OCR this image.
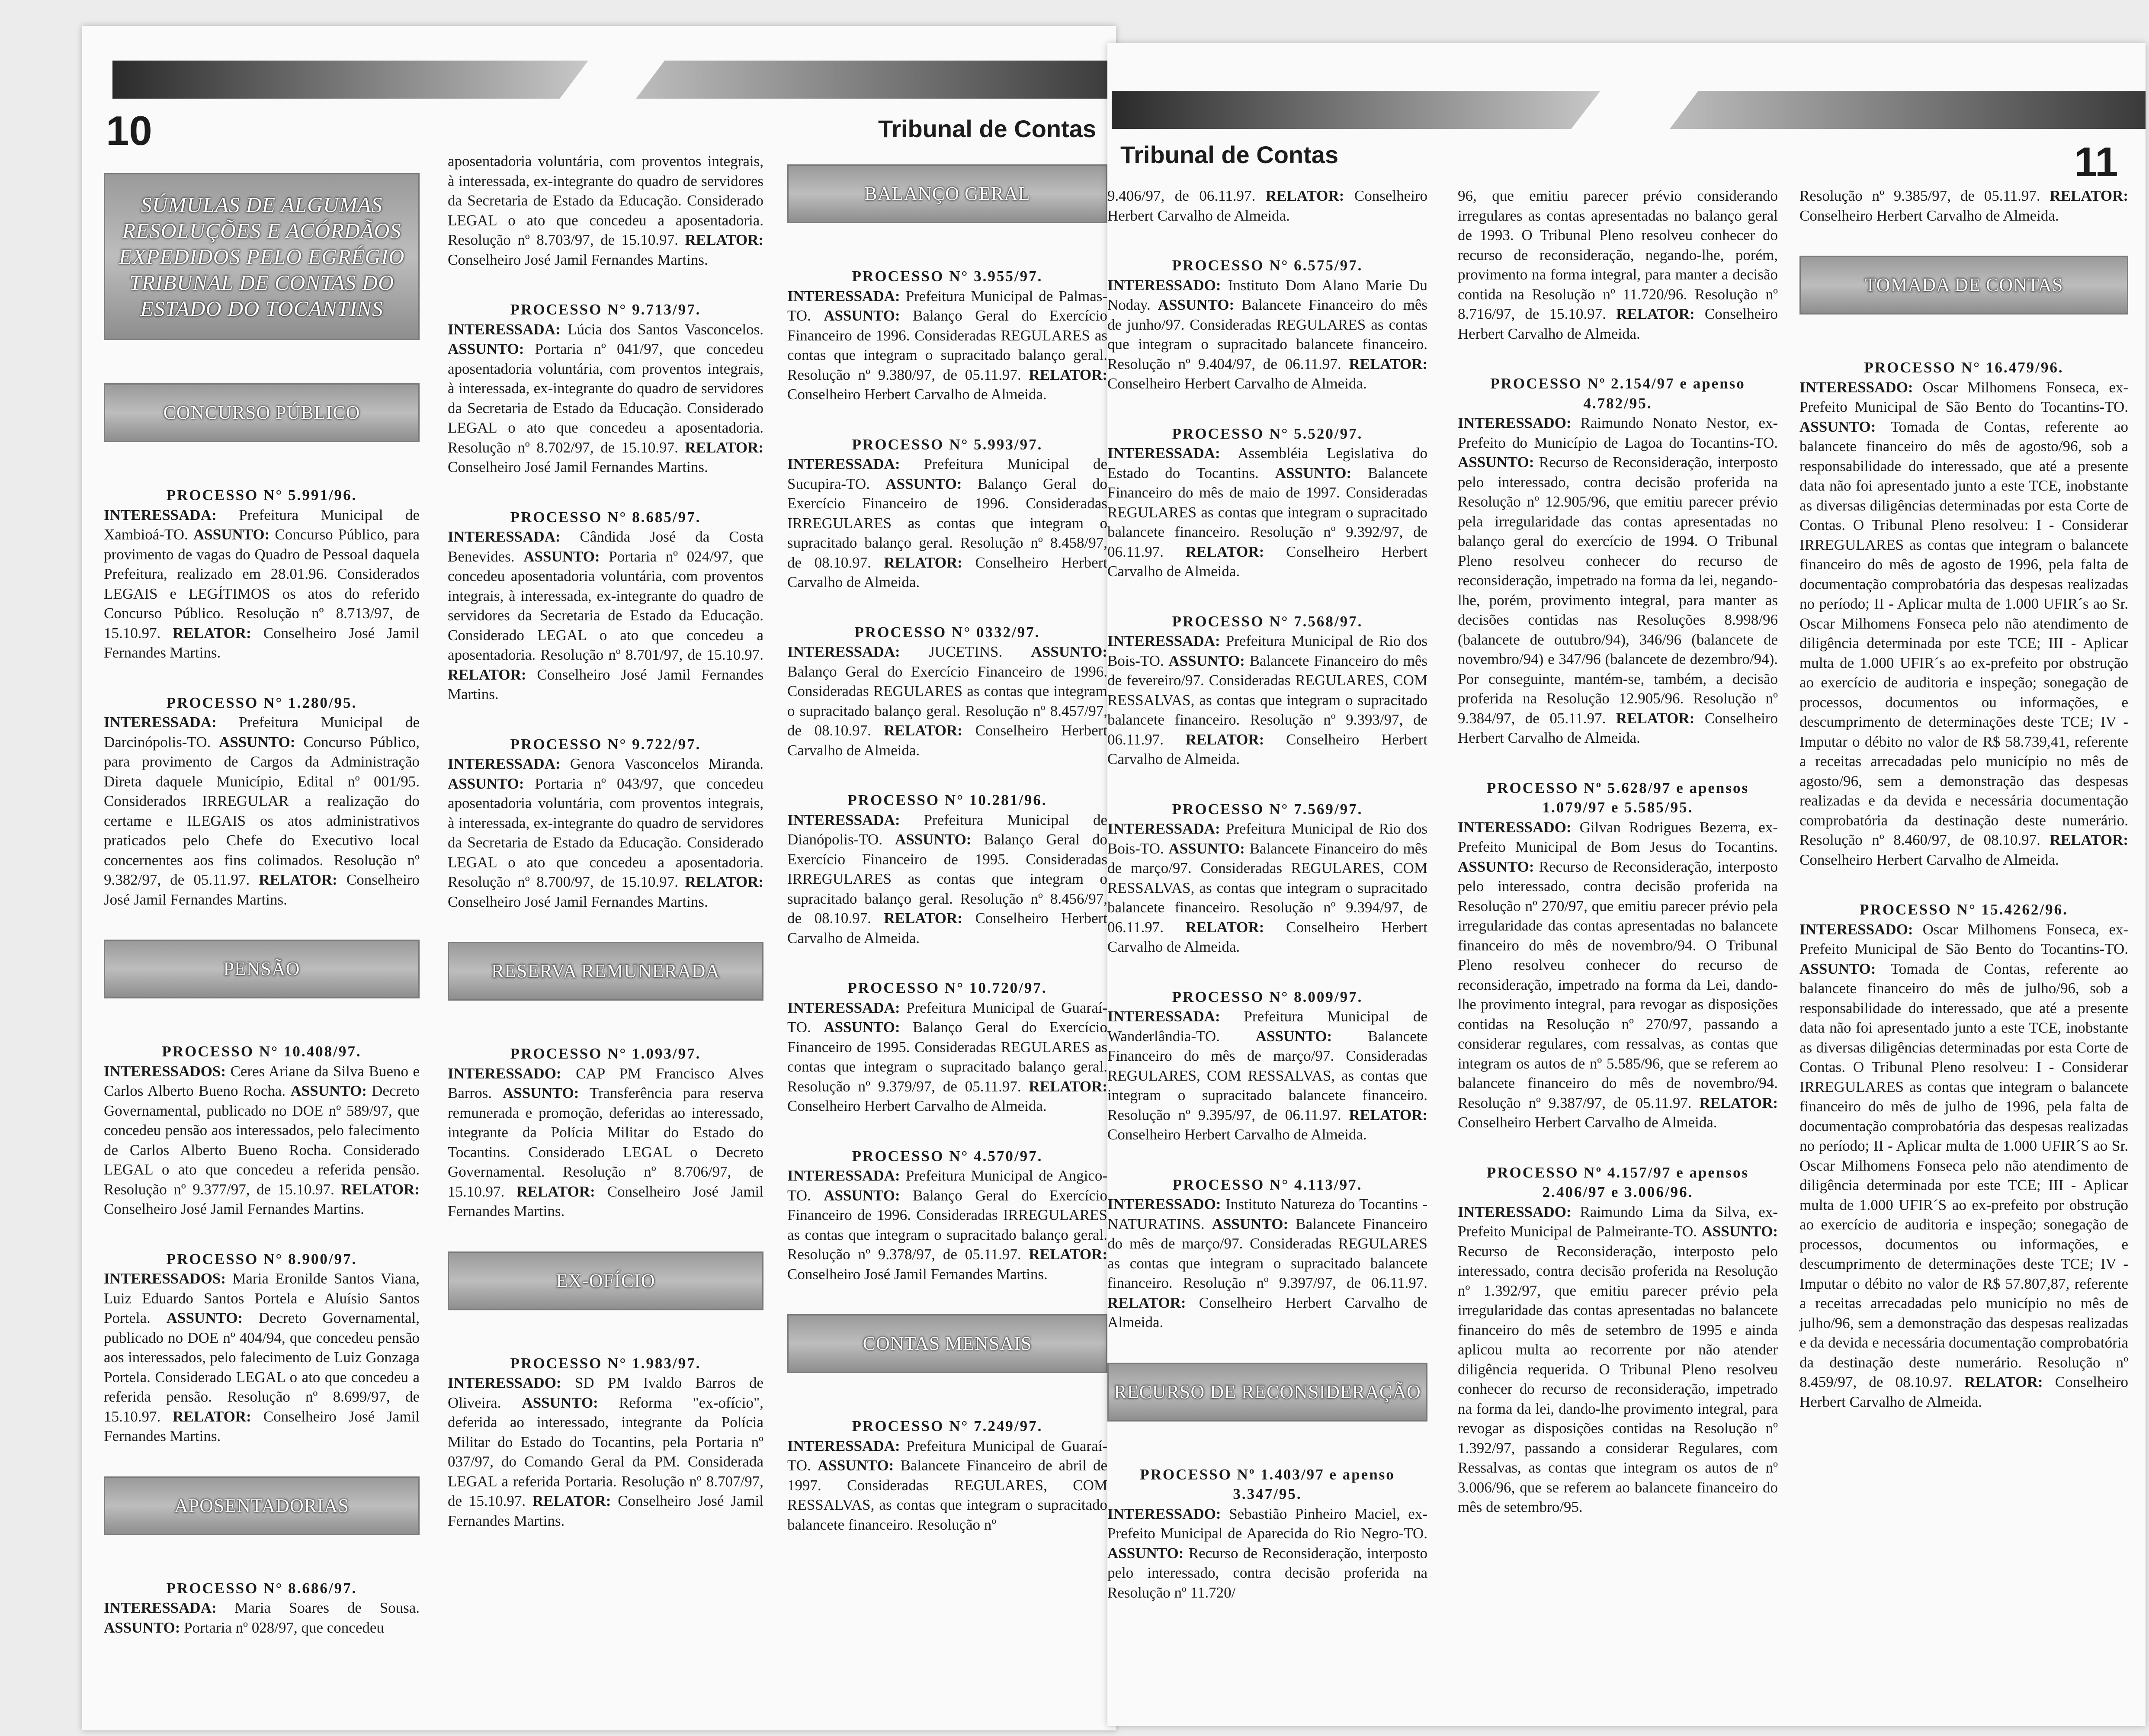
10	Tribunal de Contas
SÚMULAS DE ALGUMAS RESOLUÇÕES E ACÓRDÃOS EXPEDIDOS PELO EGRÉGIO TRIBUNAL DE CONTAS DO ESTADO DO TOCANTINS
CONCURSO PÚBLICO

PROCESSO N° 5.991/96.
INTERESSADA: Prefeitura Municipal de Xambioá-TO. ASSUNTO: Concurso Público, para provimento de vagas do Quadro de Pessoal daquela Prefeitura, realizado em 28.01.96. Considerados LEGAIS e LEGÍTIMOS os atos do referido Concurso Público. Resolução nº 8.713/97, de 15.10.97. RELATOR: Conselheiro José Jamil Fernandes Martins.

PROCESSO N° 1.280/95.
INTERESSADA: Prefeitura Municipal de Darcinópolis-TO. ASSUNTO: Concurso Público, para provimento de Cargos da Administração Direta daquele Município, Edital nº 001/95. Considerados IRREGULAR a realização do certame e ILEGAIS os atos administrativos praticados pelo Chefe do Executivo local concernentes aos fins colimados. Resolução nº 9.382/97, de 05.11.97. RELATOR: Conselheiro José Jamil Fernandes Martins.

PENSÃO

PROCESSO N° 10.408/97.
INTERESSADOS: Ceres Ariane da Silva Bueno e Carlos Alberto Bueno Rocha. ASSUNTO: Decreto Governamental, publicado no DOE nº 589/97, que concedeu pensão aos interessados, pelo falecimento de Carlos Alberto Bueno Rocha. Considerado LEGAL o ato que concedeu a referida pensão. Resolução nº 9.377/97, de 15.10.97. RELATOR: Conselheiro José Jamil Fernandes Martins.

PROCESSO N° 8.900/97.
INTERESSADOS: Maria Eronilde Santos Viana, Luiz Eduardo Santos Portela e Aluísio Santos Portela. ASSUNTO: Decreto Governamental, publicado no DOE nº 404/94, que concedeu pensão aos interessados, pelo falecimento de Luiz Gonzaga Portela. Considerado LEGAL o ato que concedeu a referida pensão. Resolução nº 8.699/97, de 15.10.97. RELATOR: Conselheiro José Jamil Fernandes Martins.

APOSENTADORIAS

PROCESSO N° 8.686/97.
INTERESSADA: Maria Soares de Sousa. ASSUNTO: Portaria nº 028/97, que concedeu

aposentadoria voluntária, com proventos integrais, à interessada, ex-integrante do quadro de servidores da Secretaria de Estado da Educação. Considerado LEGAL o ato que concedeu a aposentadoria. Resolução nº 8.703/97, de 15.10.97. RELATOR: Conselheiro José Jamil Fernandes Martins.

PROCESSO N° 9.713/97.
INTERESSADA: Lúcia dos Santos Vasconcelos. ASSUNTO: Portaria nº 041/97, que concedeu aposentadoria voluntária, com proventos integrais, à interessada, ex-integrante do quadro de servidores da Secretaria de Estado da Educação. Considerado LEGAL o ato que concedeu a aposentadoria. Resolução nº 8.702/97, de 15.10.97. RELATOR: Conselheiro José Jamil Fernandes Martins.

PROCESSO N° 8.685/97.
INTERESSADA: Cândida José da Costa Benevides. ASSUNTO: Portaria nº 024/97, que concedeu aposentadoria voluntária, com proventos integrais, à interessada, ex-integrante do quadro de servidores da Secretaria de Estado da Educação. Considerado LEGAL o ato que concedeu a aposentadoria. Resolução nº 8.701/97, de 15.10.97. RELATOR: Conselheiro José Jamil Fernandes Martins.

PROCESSO N° 9.722/97.
INTERESSADA: Genora Vasconcelos Miranda. ASSUNTO: Portaria nº 043/97, que concedeu aposentadoria voluntária, com proventos integrais, à interessada, ex-integrante do quadro de servidores da Secretaria de Estado da Educação. Considerado LEGAL o ato que concedeu a aposentadoria. Resolução nº 8.700/97, de 15.10.97. RELATOR: Conselheiro José Jamil Fernandes Martins.

RESERVA REMUNERADA

PROCESSO N° 1.093/97.
INTERESSADO: CAP PM Francisco Alves Barros. ASSUNTO: Transferência para reserva remunerada e promoção, deferidas ao interessado, integrante da Polícia Militar do Estado do Tocantins. Considerado LEGAL o Decreto Governamental. Resolução nº 8.706/97, de 15.10.97. RELATOR: Conselheiro José Jamil Fernandes Martins.

EX-OFÍCIO

PROCESSO N° 1.983/97.
INTERESSADO: SD PM Ivaldo Barros de Oliveira. ASSUNTO: Reforma "ex-ofício", deferida ao interessado, integrante da Polícia Militar do Estado do Tocantins, pela Portaria nº 037/97, do Comando Geral da PM. Considerada LEGAL a referida Portaria. Resolução nº 8.707/97, de 15.10.97. RELATOR: Conselheiro José Jamil Fernandes Martins.

BALANÇO GERAL

PROCESSO N° 3.955/97.
INTERESSADA: Prefeitura Municipal de Palmas-TO. ASSUNTO: Balanço Geral do Exercício Financeiro de 1996. Consideradas REGULARES as contas que integram o supracitado balanço geral. Resolução nº 9.380/97, de 05.11.97. RELATOR: Conselheiro Herbert Carvalho de Almeida.

PROCESSO N° 5.993/97.
INTERESSADA: Prefeitura Municipal de Sucupira-TO. ASSUNTO: Balanço Geral do Exercício Financeiro de 1996. Consideradas IRREGULARES as contas que integram o supracitado balanço geral. Resolução nº 8.458/97, de 08.10.97. RELATOR: Conselheiro Herbert Carvalho de Almeida.

PROCESSO N° 0332/97.
INTERESSADA: JUCETINS. ASSUNTO: Balanço Geral do Exercício Financeiro de 1996. Consideradas REGULARES as contas que integram o supracitado balanço geral. Resolução nº 8.457/97, de 08.10.97. RELATOR: Conselheiro Herbert Carvalho de Almeida.

PROCESSO N° 10.281/96.
INTERESSADA: Prefeitura Municipal de Dianópolis-TO. ASSUNTO: Balanço Geral do Exercício Financeiro de 1995. Consideradas IRREGULARES as contas que integram o supracitado balanço geral. Resolução nº 8.456/97, de 08.10.97. RELATOR: Conselheiro Herbert Carvalho de Almeida.

PROCESSO N° 10.720/97.
INTERESSADA: Prefeitura Municipal de Guaraí-TO. ASSUNTO: Balanço Geral do Exercício Financeiro de 1995. Consideradas REGULARES as contas que integram o supracitado balanço geral. Resolução nº 9.379/97, de 05.11.97. RELATOR: Conselheiro Herbert Carvalho de Almeida.

PROCESSO N° 4.570/97.
INTERESSADA: Prefeitura Municipal de Angico-TO. ASSUNTO: Balanço Geral do Exercício Financeiro de 1996. Consideradas IRREGULARES as contas que integram o supracitado balanço geral. Resolução nº 9.378/97, de 05.11.97. RELATOR: Conselheiro José Jamil Fernandes Martins.

CONTAS MENSAIS

PROCESSO N° 7.249/97.
INTERESSADA: Prefeitura Municipal de Guaraí-TO. ASSUNTO: Balancete Financeiro de abril de 1997. Consideradas REGULARES, COM RESSALVAS, as contas que integram o supracitado balancete financeiro. Resolução nº

Tribunal de Contas	11

9.406/97, de 06.11.97. RELATOR: Conselheiro Herbert Carvalho de Almeida.

PROCESSO N° 6.575/97.
INTERESSADO: Instituto Dom Alano Marie Du Noday. ASSUNTO: Balancete Financeiro do mês de junho/97. Consideradas REGULARES as contas que integram o supracitado balancete financeiro. Resolução nº 9.404/97, de 06.11.97. RELATOR: Conselheiro Herbert Carvalho de Almeida.

PROCESSO N° 5.520/97.
INTERESSADA: Assembléia Legislativa do Estado do Tocantins. ASSUNTO: Balancete Financeiro do mês de maio de 1997. Consideradas REGULARES as contas que integram o supracitado balancete financeiro. Resolução nº 9.392/97, de 06.11.97. RELATOR: Conselheiro Herbert Carvalho de Almeida.

PROCESSO N° 7.568/97.
INTERESSADA: Prefeitura Municipal de Rio dos Bois-TO. ASSUNTO: Balancete Financeiro do mês de fevereiro/97. Consideradas REGULARES, COM RESSALVAS, as contas que integram o supracitado balancete financeiro. Resolução nº 9.393/97, de 06.11.97. RELATOR: Conselheiro Herbert Carvalho de Almeida.

PROCESSO N° 7.569/97.
INTERESSADA: Prefeitura Municipal de Rio dos Bois-TO. ASSUNTO: Balancete Financeiro do mês de março/97. Consideradas REGULARES, COM RESSALVAS, as contas que integram o supracitado balancete financeiro. Resolução nº 9.394/97, de 06.11.97. RELATOR: Conselheiro Herbert Carvalho de Almeida.

PROCESSO N° 8.009/97.
INTERESSADA: Prefeitura Municipal de Wanderlândia-TO. ASSUNTO: Balancete Financeiro do mês de março/97. Consideradas REGULARES, COM RESSALVAS, as contas que integram o supracitado balancete financeiro. Resolução nº 9.395/97, de 06.11.97. RELATOR: Conselheiro Herbert Carvalho de Almeida.

PROCESSO N° 4.113/97.
INTERESSADO: Instituto Natureza do Tocantins - NATURATINS. ASSUNTO: Balancete Financeiro do mês de março/97. Consideradas REGULARES as contas que integram o supracitado balancete financeiro. Resolução nº 9.397/97, de 06.11.97. RELATOR: Conselheiro Herbert Carvalho de Almeida.

RECURSO DE RECONSIDERAÇÃO

PROCESSO Nº 1.403/97 e apenso 3.347/95.
INTERESSADO: Sebastião Pinheiro Maciel, ex-Prefeito Municipal de Aparecida do Rio Negro-TO. ASSUNTO: Recurso de Reconsideração, interposto pelo interessado, contra decisão proferida na Resolução nº 11.720/

96, que emitiu parecer prévio considerando irregulares as contas apresentadas no balanço geral de 1993. O Tribunal Pleno resolveu conhecer do recurso de reconsideração, negando-lhe, porém, provimento na forma integral, para manter a decisão contida na Resolução nº 11.720/96. Resolução nº 8.716/97, de 15.10.97. RELATOR: Conselheiro Herbert Carvalho de Almeida.

PROCESSO Nº 2.154/97 e apenso 4.782/95.
INTERESSADO: Raimundo Nonato Nestor, ex-Prefeito do Município de Lagoa do Tocantins-TO. ASSUNTO: Recurso de Reconsideração, interposto pelo interessado, contra decisão proferida na Resolução nº 12.905/96, que emitiu parecer prévio pela irregularidade das contas apresentadas no balanço geral do exercício de 1994. O Tribunal Pleno resolveu conhecer do recurso de reconsideração, impetrado na forma da lei, negando-lhe, porém, provimento integral, para manter as decisões contidas nas Resoluções 8.998/96 (balancete de outubro/94), 346/96 (balancete de novembro/94) e 347/96 (balancete de dezembro/94). Por conseguinte, mantém-se, também, a decisão proferida na Resolução 12.905/96. Resolução nº 9.384/97, de 05.11.97. RELATOR: Conselheiro Herbert Carvalho de Almeida.

PROCESSO Nº 5.628/97 e apensos 1.079/97 e 5.585/95.
INTERESSADO: Gilvan Rodrigues Bezerra, ex-Prefeito Municipal de Bom Jesus do Tocantins. ASSUNTO: Recurso de Reconsideração, interposto pelo interessado, contra decisão proferida na Resolução nº 270/97, que emitiu parecer prévio pela irregularidade das contas apresentadas no balancete financeiro do mês de novembro/94. O Tribunal Pleno resolveu conhecer do recurso de reconsideração, impetrado na forma da Lei, dando-lhe provimento integral, para revogar as disposições contidas na Resolução nº 270/97, passando a considerar regulares, com ressalvas, as contas que integram os autos de nº 5.585/96, que se referem ao balancete financeiro do mês de novembro/94. Resolução nº 9.387/97, de 05.11.97. RELATOR: Conselheiro Herbert Carvalho de Almeida.

PROCESSO Nº 4.157/97 e apensos 2.406/97 e 3.006/96.
INTERESSADO: Raimundo Lima da Silva, ex-Prefeito Municipal de Palmeirante-TO. ASSUNTO: Recurso de Reconsideração, interposto pelo interessado, contra decisão proferida na Resolução nº 1.392/97, que emitiu parecer prévio pela irregularidade das contas apresentadas no balancete financeiro do mês de setembro de 1995 e ainda aplicou multa ao recorrente por não atender diligência requerida. O Tribunal Pleno resolveu conhecer do recurso de reconsideração, impetrado na forma da lei, dando-lhe provimento integral, para revogar as disposições contidas na Resolução nº 1.392/97, passando a considerar Regulares, com Ressalvas, as contas que integram os autos de nº 3.006/96, que se referem ao balancete financeiro do mês de setembro/95.

Resolução nº 9.385/97, de 05.11.97. RELATOR: Conselheiro Herbert Carvalho de Almeida.

TOMADA DE CONTAS

PROCESSO N° 16.479/96.
INTERESSADO: Oscar Milhomens Fonseca, ex-Prefeito Municipal de São Bento do Tocantins-TO. ASSUNTO: Tomada de Contas, referente ao balancete financeiro do mês de agosto/96, sob a responsabilidade do interessado, que até a presente data não foi apresentado junto a este TCE, inobstante as diversas diligências determinadas por esta Corte de Contas. O Tribunal Pleno resolveu: I - Considerar IRREGULARES as contas que integram o balancete financeiro do mês de agosto de 1996, pela falta de documentação comprobatória das despesas realizadas no período; II - Aplicar multa de 1.000 UFIR´s ao Sr. Oscar Milhomens Fonseca pelo não atendimento de diligência determinada por este TCE; III - Aplicar multa de 1.000 UFIR´s ao ex-prefeito por obstrução ao exercício de auditoria e inspeção; sonegação de processos, documentos ou informações, e descumprimento de determinações deste TCE; IV - Imputar o débito no valor de R$ 58.739,41, referente a receitas arrecadadas pelo município no mês de agosto/96, sem a demonstração das despesas realizadas e da devida e necessária documentação comprobatória da destinação deste numerário. Resolução nº 8.460/97, de 08.10.97. RELATOR: Conselheiro Herbert Carvalho de Almeida.

PROCESSO N° 15.4262/96.
INTERESSADO: Oscar Milhomens Fonseca, ex-Prefeito Municipal de São Bento do Tocantins-TO. ASSUNTO: Tomada de Contas, referente ao balancete financeiro do mês de julho/96, sob a responsabilidade do interessado, que até a presente data não foi apresentado junto a este TCE, inobstante as diversas diligências determinadas por esta Corte de Contas. O Tribunal Pleno resolveu: I - Considerar IRREGULARES as contas que integram o balancete financeiro do mês de julho de 1996, pela falta de documentação comprobatória das despesas realizadas no período; II - Aplicar multa de 1.000 UFIR´S ao Sr. Oscar Milhomens Fonseca pelo não atendimento de diligência determinada por este TCE; III - Aplicar multa de 1.000 UFIR´S ao ex-prefeito por obstrução ao exercício de auditoria e inspeção; sonegação de processos, documentos ou informações, e descumprimento de determinações deste TCE; IV - Imputar o débito no valor de R$ 57.807,87, referente a receitas arrecadadas pelo município no mês de julho/96, sem a demonstração das despesas realizadas e da devida e necessária documentação comprobatória da destinação deste numerário. Resolução nº 8.459/97, de 08.10.97. RELATOR: Conselheiro Herbert Carvalho de Almeida.
